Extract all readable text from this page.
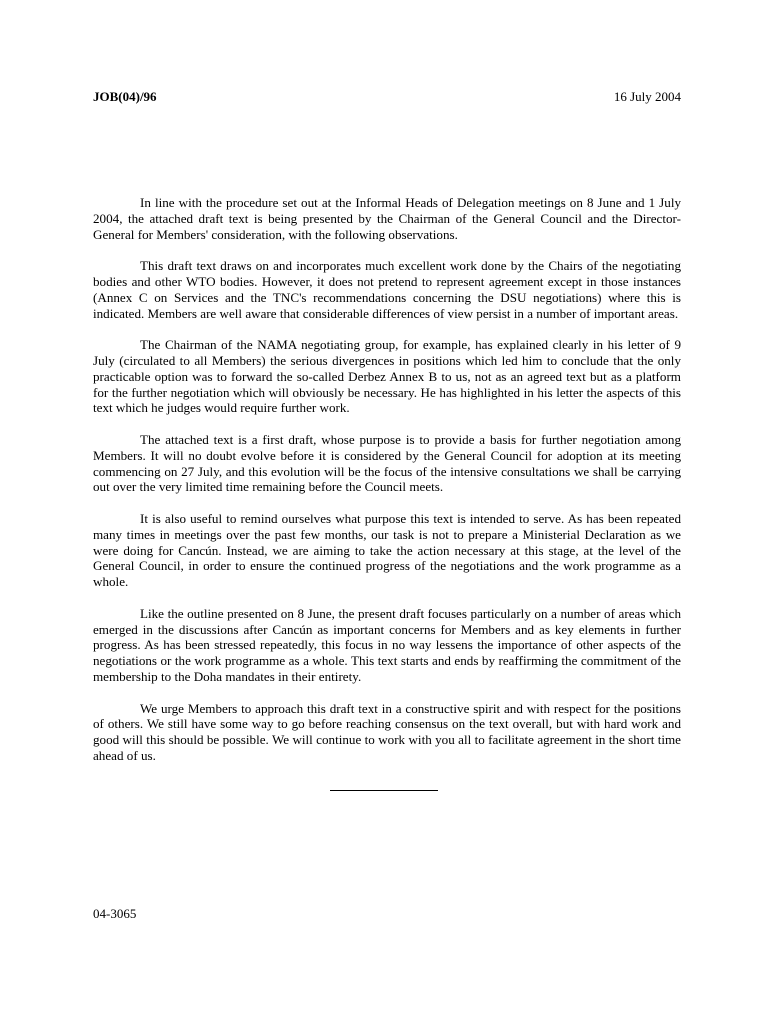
JOB(04)/96	16 July 2004

In line with the procedure set out at the Informal Heads of Delegation meetings on 8 June and 1 July 2004, the attached draft text is being presented by the Chairman of the General Council and the Director-General for Members' consideration, with the following observations.

This draft text draws on and incorporates much excellent work done by the Chairs of the negotiating bodies and other WTO bodies. However, it does not pretend to represent agreement except in those instances (Annex C on Services and the TNC's recommendations concerning the DSU negotiations) where this is indicated. Members are well aware that considerable differences of view persist in a number of important areas.

The Chairman of the NAMA negotiating group, for example, has explained clearly in his letter of 9 July (circulated to all Members) the serious divergences in positions which led him to conclude that the only practicable option was to forward the so-called Derbez Annex B to us, not as an agreed text but as a platform for the further negotiation which will obviously be necessary. He has highlighted in his letter the aspects of this text which he judges would require further work.

The attached text is a first draft, whose purpose is to provide a basis for further negotiation among Members. It will no doubt evolve before it is considered by the General Council for adoption at its meeting commencing on 27 July, and this evolution will be the focus of the intensive consultations we shall be carrying out over the very limited time remaining before the Council meets.

It is also useful to remind ourselves what purpose this text is intended to serve. As has been repeated many times in meetings over the past few months, our task is not to prepare a Ministerial Declaration as we were doing for Cancún. Instead, we are aiming to take the action necessary at this stage, at the level of the General Council, in order to ensure the continued progress of the negotiations and the work programme as a whole.

Like the outline presented on 8 June, the present draft focuses particularly on a number of areas which emerged in the discussions after Cancún as important concerns for Members and as key elements in further progress. As has been stressed repeatedly, this focus in no way lessens the importance of other aspects of the negotiations or the work programme as a whole. This text starts and ends by reaffirming the commitment of the membership to the Doha mandates in their entirety.

We urge Members to approach this draft text in a constructive spirit and with respect for the positions of others. We still have some way to go before reaching consensus on the text overall, but with hard work and good will this should be possible. We will continue to work with you all to facilitate agreement in the short time ahead of us.

04-3065
